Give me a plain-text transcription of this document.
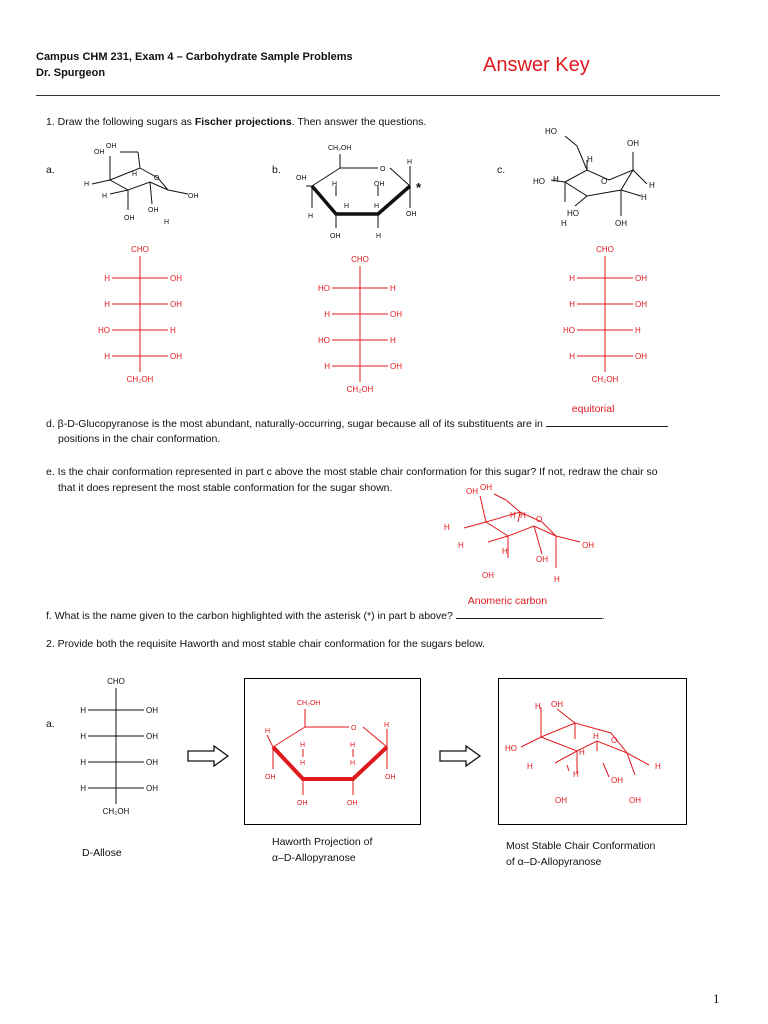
Campus CHM 231, Exam 4 – Carbohydrate Sample Problems
Dr. Spurgeon	Answer Key
1. Draw the following sugars as Fischer projections. Then answer the questions.
a.	b.	c.
OH
OH
H
H
H
O
OH
OH
OH
H
CH₂OH
O
OH
H	OH
H
H	H
OH	H
H
OH
*
HO
OH
H
HO H	O	H
H
HO
H	OH
CHO
H	OH
H	OH
HO	H
H	OH
CH₂OH
CHO
HO	H
H	OH
HO	H
H	OH
CH₂OH
CHO
H	OH
H	OH
HO	H
H	OH
CH₂OH
d. β-D-Glucopyranose is the most abundant, naturally-occurring, sugar because all of its substituents are in
equitorial
positions in the chair conformation.
e. Is the chair conformation represented in part c above the most stable chair conformation for this sugar? If not, redraw the chair so
that it does represent the most stable conformation for the sugar shown.	OH OH
H H O
H
H
H
OH
OH
OH	H
f. What is the name given to the carbon highlighted with the asterisk (*) in part b above?
Anomeric carbon
.
2. Provide both the requisite Haworth and most stable chair conformation for the sugars below.
a.
CHO
H	OH
H	OH
H	OH
H	OH
CH₂OH
D-Allose
CH₂OH
O	H
H
H	H
H	H
OH	OH
OH	OH
Haworth Projection of
α–D-Allopyranose
H OH
H O
HO	H
H
H
OH
H
OH	OH
Most Stable Chair Conformation
of α–D-Allopyranose
1
